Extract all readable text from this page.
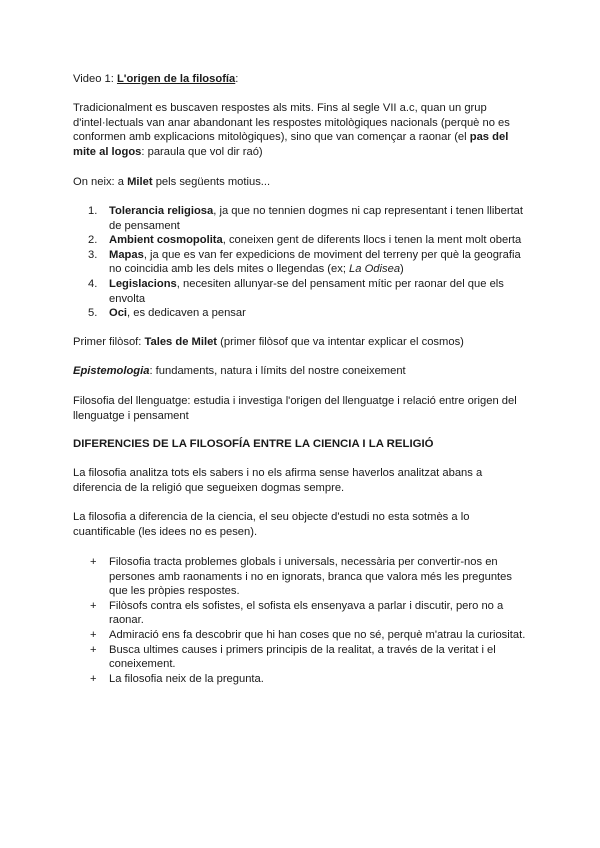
Video 1: L'origen de la filosofía:

Tradicionalment es buscaven respostes als mits. Fins al segle VII a.c, quan un grup d'intel·lectuals van anar abandonant les respostes mitològiques nacionals (perquè no es conformen amb explicacions mitològiques), sino que van començar a raonar (el pas del mite al logos: paraula que vol dir raó)

On neix: a Milet pels següents motius...

1. Tolerancia religiosa, ja que no tennien dogmes ni cap representant i tenen llibertat de pensament
2. Ambient cosmopolita, coneixen gent de diferents llocs i tenen la ment molt oberta
3. Mapas, ja que es van fer expedicions de moviment del terreny per què la geografia no coincidia amb les dels mites o llegendas (ex; La Odisea)
4. Legislacions, necesiten allunyar-se del pensament mític per raonar del que els envolta
5. Oci, es dedicaven a pensar

Primer filòsof: Tales de Milet (primer filòsof que va intentar explicar el cosmos)

Epistemologia: fundaments, natura i límits del nostre coneixement

Filosofia del llenguatge: estudia i investiga l'origen del llenguatge i relació entre origen del llenguatge i pensament

DIFERENCIES DE LA FILOSOFÍA ENTRE LA CIENCIA I LA RELIGIÓ

La filosofia analitza tots els sabers i no els afirma sense haverlos analitzat abans a diferencia de la religió que segueixen dogmas sempre.

La filosofia a diferencia de la ciencia, el seu objecte d'estudi no esta sotmès a lo cuantificable (les idees no es pesen).

+ Filosofia tracta problemes globals i universals, necessària per convertir-nos en persones amb raonaments i no en ignorats, branca que valora més les preguntes que les pròpies respostes.
+ Filòsofs contra els sofistes, el sofista els ensenyava a parlar i discutir, pero no a raonar.
+ Admiració ens fa descobrir que hi han coses que no sé, perquè m'atrau la curiositat.
+ Busca ultimes causes i primers principis de la realitat, a través de la veritat i el coneixement.
+ La filosofia neix de la pregunta.
